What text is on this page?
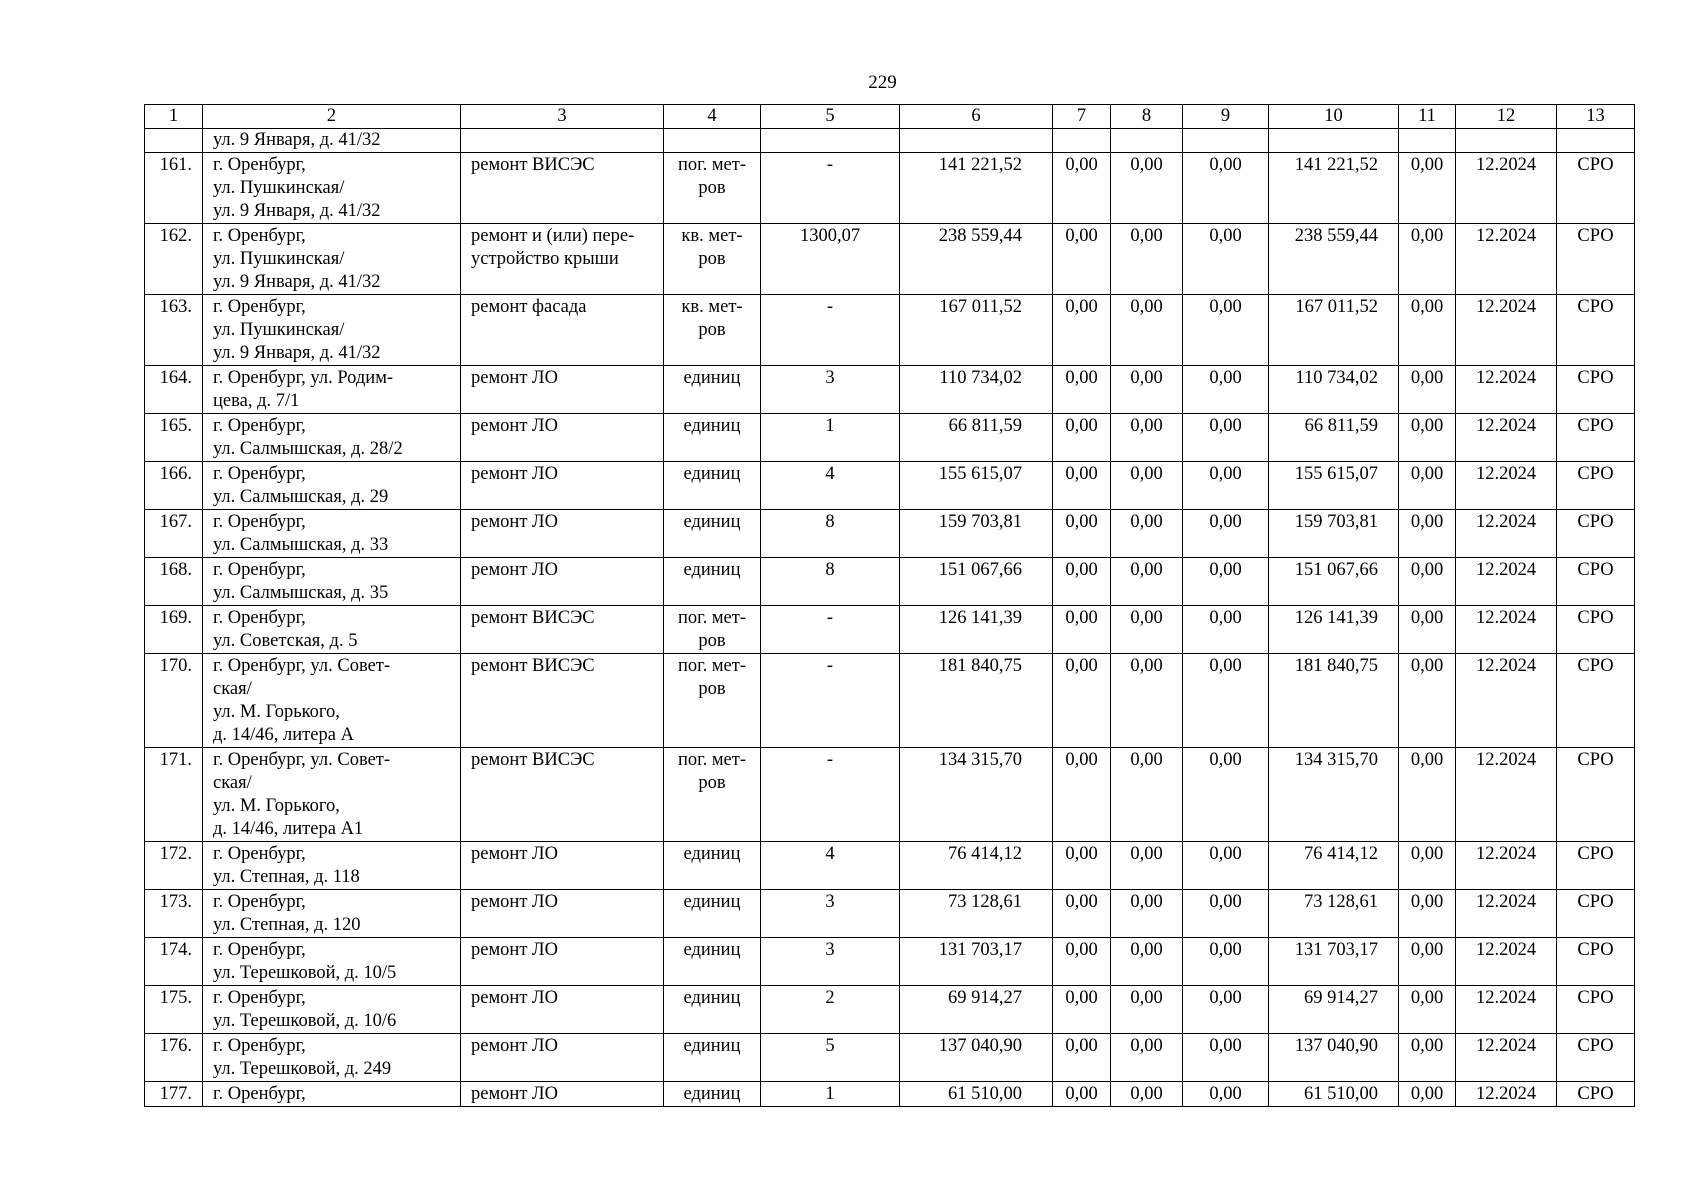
229
1	2	3	4	5	6	7	8	9	10	11	12	13

	ул. 9 Января, д. 41/32											

161.	г. Оренбург,
ул. Пушкинская/
ул. 9 Января, д. 41/32	ремонт ВИСЭС	пог. мет-
ров	-	141 221,52	0,00	0,00	0,00	141 221,52	0,00	12.2024	СРО

162.	г. Оренбург,
ул. Пушкинская/
ул. 9 Января, д. 41/32	ремонт и (или) пере-
устройство крыши	кв. мет-
ров	1300,07	238 559,44	0,00	0,00	0,00	238 559,44	0,00	12.2024	СРО

163.	г. Оренбург,
ул. Пушкинская/
ул. 9 Января, д. 41/32	ремонт фасада	кв. мет-
ров	-	167 011,52	0,00	0,00	0,00	167 011,52	0,00	12.2024	СРО

164.	г. Оренбург, ул. Родим-
цева, д. 7/1	ремонт ЛО	единиц	3	110 734,02	0,00	0,00	0,00	110 734,02	0,00	12.2024	СРО

165.	г. Оренбург,
ул. Салмышская, д. 28/2	ремонт ЛО	единиц	1	66 811,59	0,00	0,00	0,00	66 811,59	0,00	12.2024	СРО

166.	г. Оренбург,
ул. Салмышская, д. 29	ремонт ЛО	единиц	4	155 615,07	0,00	0,00	0,00	155 615,07	0,00	12.2024	СРО

167.	г. Оренбург,
ул. Салмышская, д. 33	ремонт ЛО	единиц	8	159 703,81	0,00	0,00	0,00	159 703,81	0,00	12.2024	СРО

168.	г. Оренбург,
ул. Салмышская, д. 35	ремонт ЛО	единиц	8	151 067,66	0,00	0,00	0,00	151 067,66	0,00	12.2024	СРО

169.	г. Оренбург,
ул. Советская, д. 5	ремонт ВИСЭС	пог. мет-
ров	-	126 141,39	0,00	0,00	0,00	126 141,39	0,00	12.2024	СРО

170.	г. Оренбург, ул. Совет-
ская/
ул. М. Горького,
д. 14/46, литера А	ремонт ВИСЭС	пог. мет-
ров	-	181 840,75	0,00	0,00	0,00	181 840,75	0,00	12.2024	СРО

171.	г. Оренбург, ул. Совет-
ская/
ул. М. Горького,
д. 14/46, литера А1	ремонт ВИСЭС	пог. мет-
ров	-	134 315,70	0,00	0,00	0,00	134 315,70	0,00	12.2024	СРО

172.	г. Оренбург,
ул. Степная, д. 118	ремонт ЛО	единиц	4	76 414,12	0,00	0,00	0,00	76 414,12	0,00	12.2024	СРО

173.	г. Оренбург,
ул. Степная, д. 120	ремонт ЛО	единиц	3	73 128,61	0,00	0,00	0,00	73 128,61	0,00	12.2024	СРО

174.	г. Оренбург,
ул. Терешковой, д. 10/5	ремонт ЛО	единиц	3	131 703,17	0,00	0,00	0,00	131 703,17	0,00	12.2024	СРО

175.	г. Оренбург,
ул. Терешковой, д. 10/6	ремонт ЛО	единиц	2	69 914,27	0,00	0,00	0,00	69 914,27	0,00	12.2024	СРО

176.	г. Оренбург,
ул. Терешковой, д. 249	ремонт ЛО	единиц	5	137 040,90	0,00	0,00	0,00	137 040,90	0,00	12.2024	СРО

177.	г. Оренбург,	ремонт ЛО	единиц	1	61 510,00	0,00	0,00	0,00	61 510,00	0,00	12.2024	СРО
